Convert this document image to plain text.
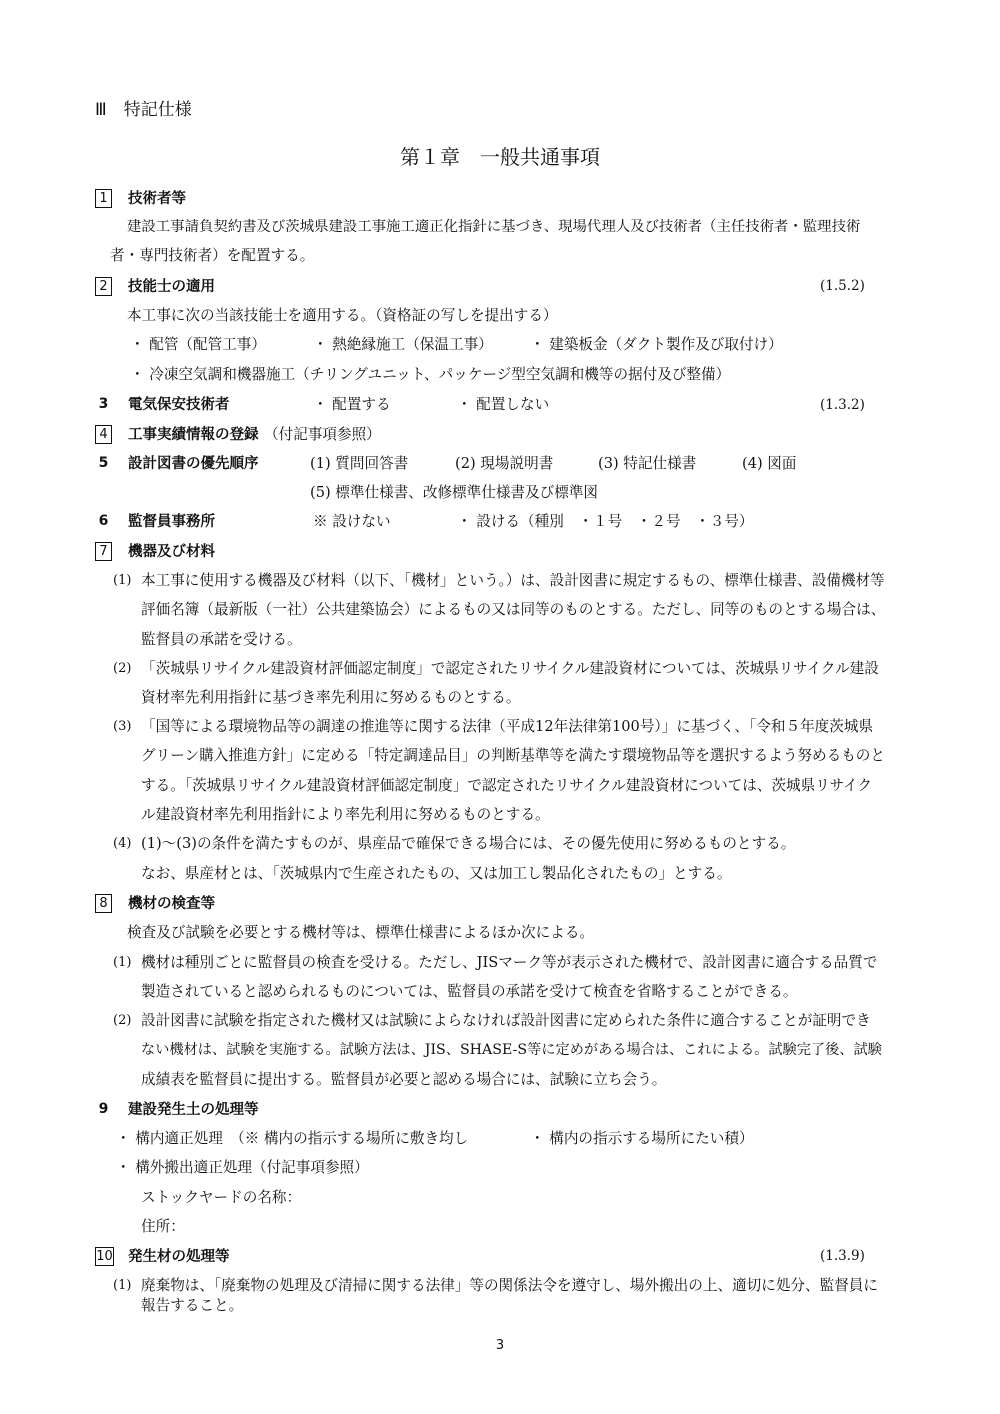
Ⅲ　特記仕様
第１章　一般共通事項
1	技術者等
建設工事請負契約書及び茨城県建設工事施工適正化指針に基づき、現場代理人及び技術者（主任技術者・監理技術
者・専門技術者）を配置する。
2	技能士の適用	(1.5.2)
本工事に次の当該技能士を適用する。（資格証の写しを提出する）
・ 配管（配管工事）	・ 熱絶縁施工（保温工事）	・ 建築板金（ダクト製作及び取付け）
・ 冷凍空気調和機器施工（チリングユニット、パッケージ型空気調和機等の据付及び整備）
3 電気保安技術者	・ 配置する	・ 配置しない	(1.3.2)
4	工事実績情報の登録 （付記事項参照）
5 設計図書の優先順序	(1) 質問回答書	(2) 現場説明書	(3) 特記仕様書	(4) 図面
(5) 標準仕様書、改修標準仕様書及び標準図
6 監督員事務所	※ 設けない	・ 設ける（種別　・１号　・２号　・３号）
7	機器及び材料
(1) 本工事に使用する機器及び材料（以下、「機材」という。）は、設計図書に規定するもの、標準仕様書、設備機材等
評価名簿（最新版（一社）公共建築協会）によるもの又は同等のものとする。ただし、同等のものとする場合は、
監督員の承諾を受ける。
(2) 「茨城県リサイクル建設資材評価認定制度」で認定されたリサイクル建設資材については、茨城県リサイクル建設
資材率先利用指針に基づき率先利用に努めるものとする。
(3) 「国等による環境物品等の調達の推進等に関する法律（平成12年法律第100号）」に基づく、「令和５年度茨城県
グリーン購入推進方針」に定める「特定調達品目」の判断基準等を満たす環境物品等を選択するよう努めるものと
する。「茨城県リサイクル建設資材評価認定制度」で認定されたリサイクル建設資材については、茨城県リサイク
ル建設資材率先利用指針により率先利用に努めるものとする。
(4) (1)～(3)の条件を満たすものが、県産品で確保できる場合には、その優先使用に努めるものとする。
なお、県産材とは、「茨城県内で生産されたもの、又は加工し製品化されたもの」とする。
8	機材の検査等
検査及び試験を必要とする機材等は、標準仕様書によるほか次による。
(1) 機材は種別ごとに監督員の検査を受ける。ただし、JISマーク等が表示された機材で、設計図書に適合する品質で
製造されていると認められるものについては、監督員の承諾を受けて検査を省略することができる。
(2) 設計図書に試験を指定された機材又は試験によらなければ設計図書に定められた条件に適合することが証明でき
ない機材は、試験を実施する。試験方法は、JIS、SHASE-S等に定めがある場合は、これによる。試験完了後、試験
成績表を監督員に提出する。監督員が必要と認める場合には、試験に立ち会う。
9 建設発生土の処理等
・ 構内適正処理　（※ 構内の指示する場所に敷き均し	・ 構内の指示する場所にたい積）
・ 構外搬出適正処理（付記事項参照）
ストックヤードの名称：
住所：
10 発生材の処理等	(1.3.9)
(1) 廃棄物は、「廃棄物の処理及び清掃に関する法律」等の関係法令を遵守し、場外搬出の上、適切に処分、監督員に
報告すること。
3
